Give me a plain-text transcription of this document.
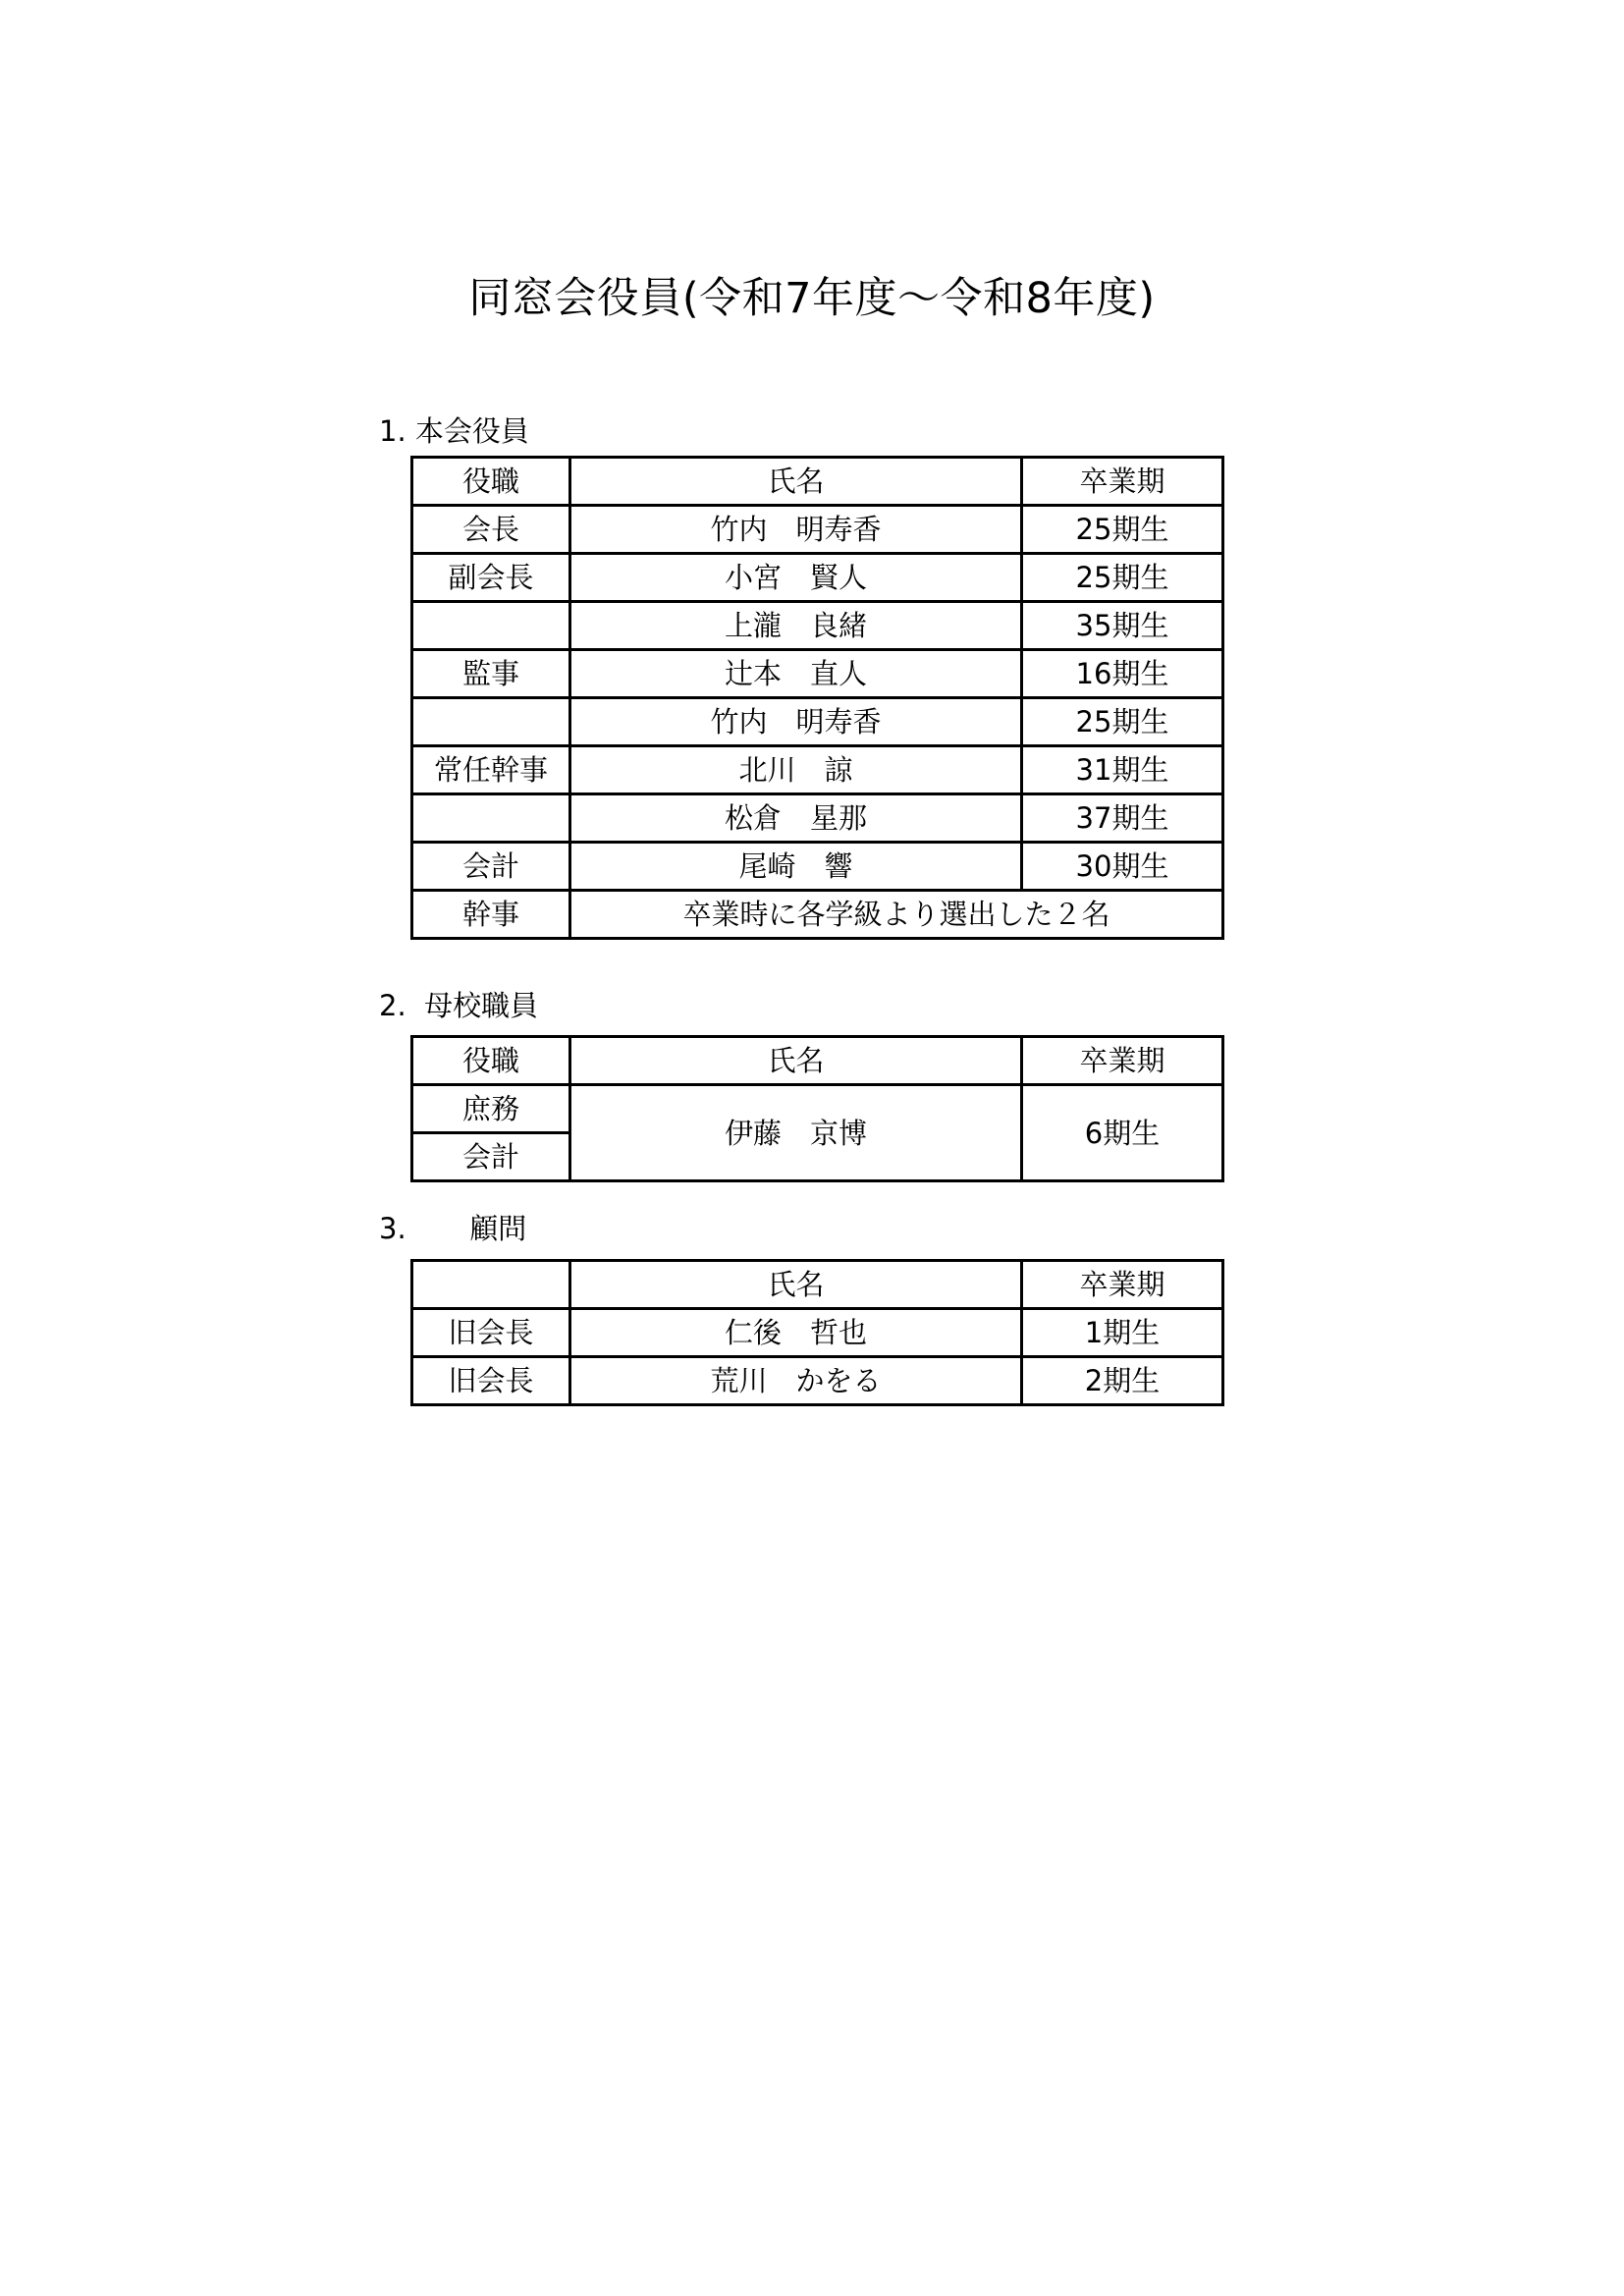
同窓会役員(令和7年度～令和8年度)
1. 本会役員
役職	氏名	卒業期
会長	竹内　明寿香	25期生
副会長	小宮　賢人	25期生
	上瀧　良緒	35期生
監事	辻本　直人	16期生
	竹内　明寿香	25期生
常任幹事	北川　諒	31期生
	松倉　星那	37期生
会計	尾崎　響	30期生
幹事	卒業時に各学級より選出した２名	
2.  母校職員
役職	氏名	卒業期
庶務	伊藤　京博	6期生
会計		
3.       顧問
	氏名	卒業期
旧会長	仁後　哲也	1期生
旧会長	荒川　かをる	2期生
